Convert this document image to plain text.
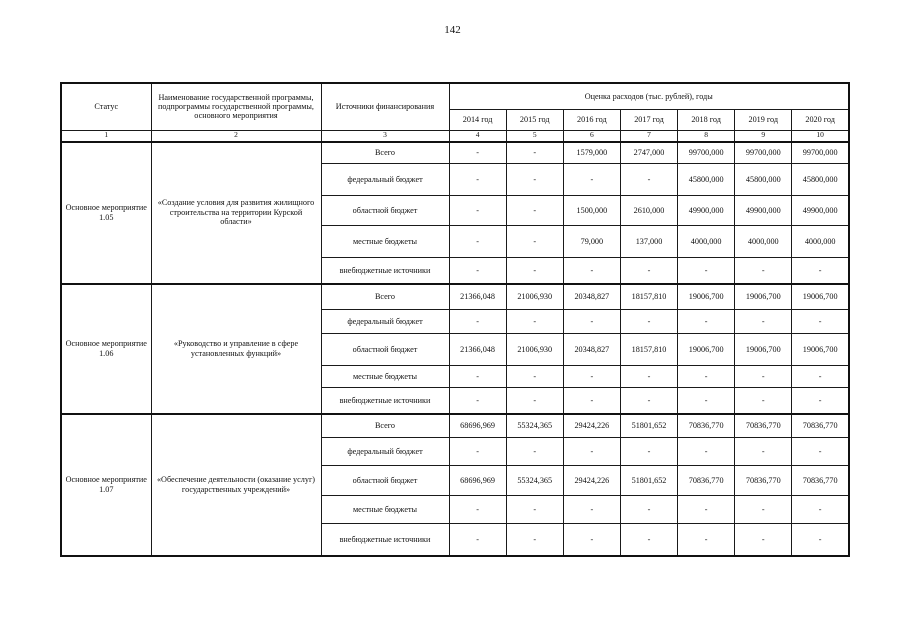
142
Статус	Наименование государственной программы, подпрограммы государственной программы, основного мероприятия	Источники финансирования	Оценка расходов (тыс. рублей), годы						
			2014 год	2015 год	2016 год	2017 год	2018 год	2019 год	2020 год
1	2	3	4	5	6	7	8	9	10
Основное мероприятие 1.05	«Создание условия для развития жилищного строительства на территории Курской области»	Всего	-	-	1579,000	2747,000	99700,000	99700,000	99700,000
		федеральный бюджет	-	-	-	-	45800,000	45800,000	45800,000
		областной бюджет	-	-	1500,000	2610,000	49900,000	49900,000	49900,000
		местные бюджеты	-	-	79,000	137,000	4000,000	4000,000	4000,000
		внебюджетные источники	-	-	-	-	-	-	-
Основное мероприятие 1.06	«Руководство и управление в сфере установленных функций»	Всего	21366,048	21006,930	20348,827	18157,810	19006,700	19006,700	19006,700
		федеральный бюджет	-	-	-	-	-	-	-
		областной бюджет	21366,048	21006,930	20348,827	18157,810	19006,700	19006,700	19006,700
		местные бюджеты	-	-	-	-	-	-	-
		внебюджетные источники	-	-	-	-	-	-	-
Основное мероприятие 1.07	«Обеспечение деятельности (оказание услуг) государственных учреждений»	Всего	68696,969	55324,365	29424,226	51801,652	70836,770	70836,770	70836,770
		федеральный бюджет	-	-	-	-	-	-	-
		областной бюджет	68696,969	55324,365	29424,226	51801,652	70836,770	70836,770	70836,770
		местные бюджеты	-	-	-	-	-	-	-
		внебюджетные источники	-	-	-	-	-	-	-
